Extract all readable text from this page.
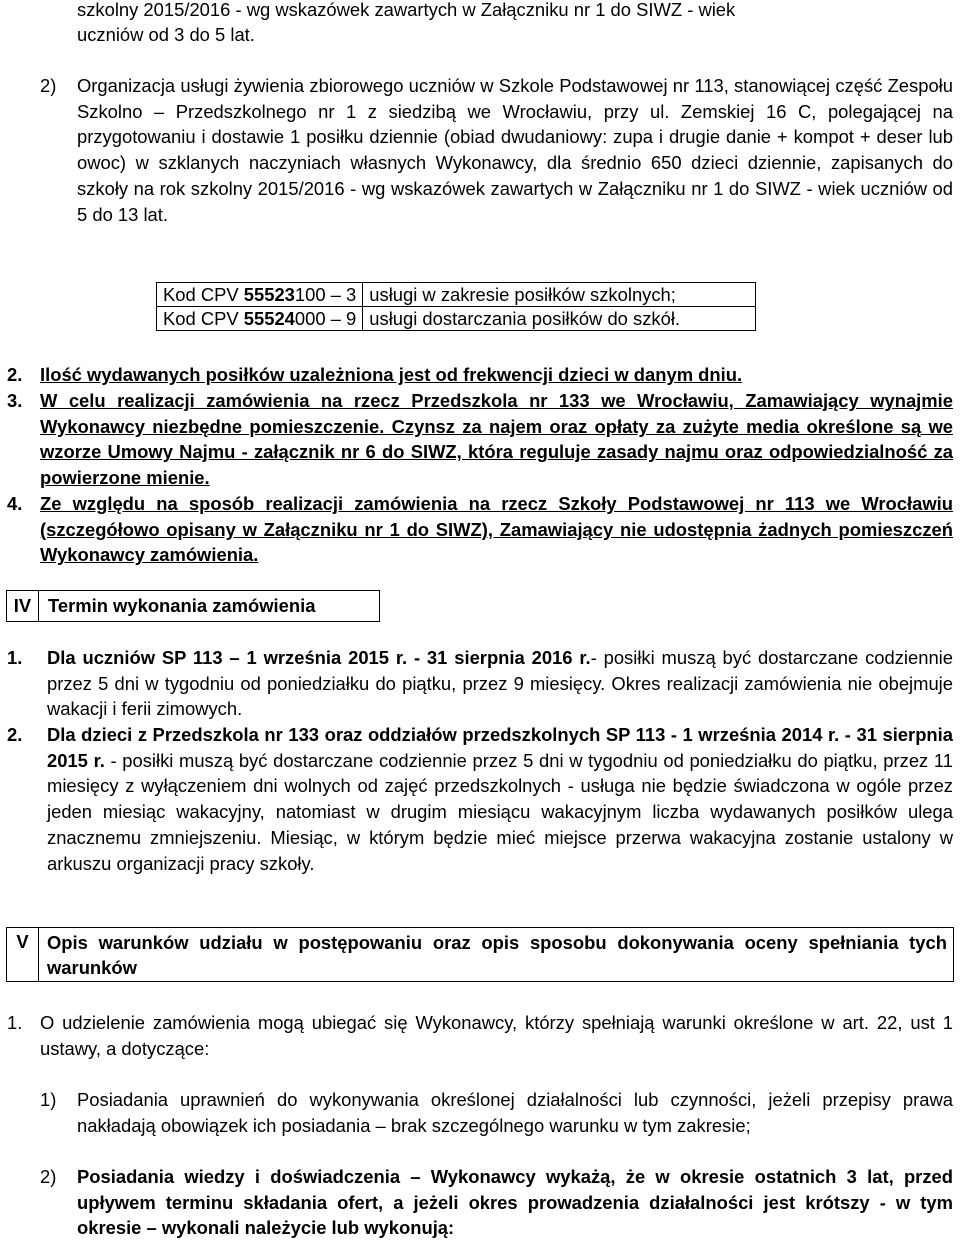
szkolny 2015/2016 - wg wskazówek zawartych w Załączniku nr 1 do SIWZ - wiek

uczniów od 3 do 5 lat.

2) Organizacja usługi żywienia zbiorowego uczniów w Szkole Podstawowej nr 113, stanowiącej część Zespołu Szkolno – Przedszkolnego nr 1 z siedzibą we Wrocławiu, przy ul. Zemskiej 16 C, polegającej na przygotowaniu i dostawie 1 posiłku dziennie (obiad dwudaniowy: zupa i drugie danie + kompot + deser lub owoc) w szklanych naczyniach własnych Wykonawcy, dla średnio 650 dzieci dziennie, zapisanych do szkoły na rok szkolny 2015/2016 - wg wskazówek zawartych w Załączniku nr 1 do SIWZ - wiek uczniów od 5 do 13 lat.

Kod CPV 55523100 – 3	usługi w zakresie posiłków szkolnych;
Kod CPV 55524000 – 9	usługi dostarczania posiłków do szkół.
2. Ilość wydawanych posiłków uzależniona jest od frekwencji dzieci w danym dniu.

3. W celu realizacji zamówienia na rzecz Przedszkola nr 133 we Wrocławiu, Zamawiający wynajmie Wykonawcy niezbędne pomieszczenie. Czynsz za najem oraz opłaty za zużyte media określone są we wzorze Umowy Najmu - załącznik nr 6 do SIWZ, która reguluje zasady najmu oraz odpowiedzialność za powierzone mienie.

4. Ze względu na sposób realizacji zamówienia na rzecz Szkoły Podstawowej nr 113 we Wrocławiu (szczegółowo opisany w Załączniku nr 1 do SIWZ), Zamawiający nie udostępnia żadnych pomieszczeń Wykonawcy zamówienia.

IV Termin wykonania zamówienia
1. Dla uczniów SP 113 – 1 września 2015 r. - 31 sierpnia 2016 r.- posiłki muszą być dostarczane codziennie przez 5 dni w tygodniu od poniedziałku do piątku, przez 9 miesięcy. Okres realizacji zamówienia nie obejmuje wakacji i ferii zimowych.

2. Dla dzieci z Przedszkola nr 133 oraz oddziałów przedszkolnych SP 113 - 1 września 2014 r. - 31 sierpnia 2015 r. - posiłki muszą być dostarczane codziennie przez 5 dni w tygodniu od poniedziałku do piątku, przez 11 miesięcy z wyłączeniem dni wolnych od zajęć przedszkolnych - usługa nie będzie świadczona w ogóle przez jeden miesiąc wakacyjny, natomiast w drugim miesiącu wakacyjnym liczba wydawanych posiłków ulega znacznemu zmniejszeniu. Miesiąc, w którym będzie mieć miejsce przerwa wakacyjna zostanie ustalony w arkuszu organizacji pracy szkoły.

V Opis warunków udziału w postępowaniu oraz opis sposobu dokonywania oceny spełniania tych warunków

1. O udzielenie zamówienia mogą ubiegać się Wykonawcy, którzy spełniają warunki określone w art. 22, ust 1 ustawy, a dotyczące:

1) Posiadania uprawnień do wykonywania określonej działalności lub czynności, jeżeli przepisy prawa nakładają obowiązek ich posiadania – brak szczególnego warunku w tym zakresie;

2) Posiadania wiedzy i doświadczenia – Wykonawcy wykażą, że w okresie ostatnich 3 lat, przed upływem terminu składania ofert, a jeżeli okres prowadzenia działalności jest krótszy - w tym okresie – wykonali należycie lub wykonują:
